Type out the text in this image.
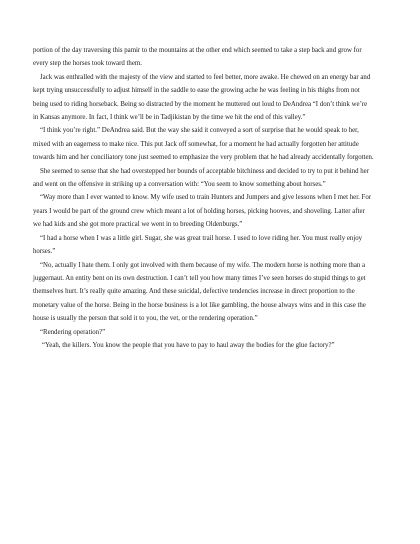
portion of the day traversing this pamir to the mountains at the other end which seemed to take a step back and grow for every step the horses took toward them.

Jack was enthralled with the majesty of the view and started to feel better, more awake. He chewed on an energy bar and kept trying unsuccessfully to adjust himself in the saddle to ease the growing ache he was feeling in his thighs from not being used to riding horseback. Being so distracted by the moment he muttered out loud to DeAndrea “I don’t think we’re in Kansas anymore. In fact, I think we’ll be in Tadjikistan by the time we hit the end of this valley.”

“I think you’re right.” DeAndrea said. But the way she said it conveyed a sort of surprise that he would speak to her, mixed with an eagerness to make nice. This put Jack off somewhat, for a moment he had actually forgotten her attitude towards him and her conciliatory tone just seemed to emphasize the very problem that he had already accidentally forgotten.

She seemed to sense that she had overstepped her bounds of acceptable bitchiness and decided to try to put it behind her and went on the offensive in striking up a conversation with: “You seem to know something about horses.”

“Way more than I ever wanted to know. My wife used to train Hunters and Jumpers and give lessons when I met her. For years I would be part of the ground crew which meant a lot of holding horses, picking hooves, and shoveling. Latter after we had kids and she got more practical we went in to breeding Oldenburgs.”

“I had a horse when I was a little girl. Sugar, she was great trail horse. I used to love riding her. You must really enjoy horses.”

“No, actually I hate them. I only got involved with them because of my wife. The modern horse is nothing more than a juggernaut. An entity bent on its own destruction. I can’t tell you how many times I’ve seen horses do stupid things to get themselves hurt. It’s really quite amazing. And these suicidal, defective tendencies increase in direct proportion to the monetary value of the horse. Being in the horse business is a lot like gambling, the house always wins and in this case the house is usually the person that sold it to you, the vet, or the rendering operation.”

“Rendering operation?”

“Yeah, the killers. You know the people that you have to pay to haul away the bodies for the glue factory?”
